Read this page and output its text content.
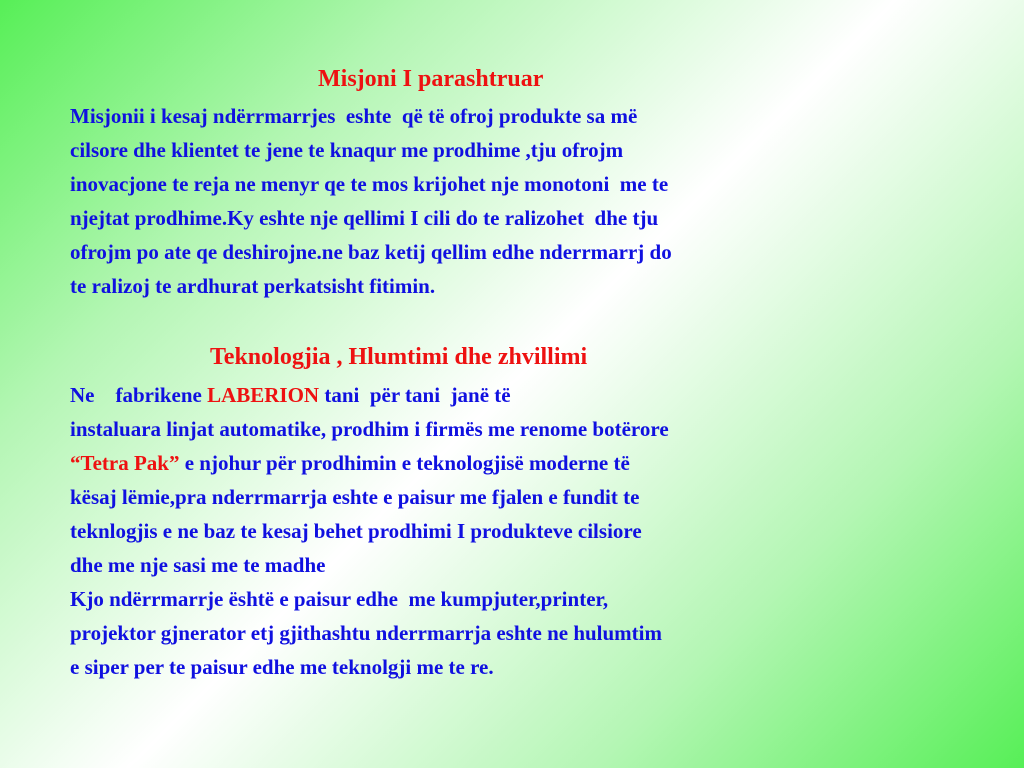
Misjoni I parashtruar
Misjonii i kesaj ndërrmarrjes  eshte  që të ofroj produkte sa më
cilsore dhe klientet te jene te knaqur me prodhime ,tju ofrojm
inovacjone te reja ne menyr qe te mos krijohet nje monotoni  me te
njejtat prodhime.Ky eshte nje qellimi I cili do te ralizohet  dhe tju
ofrojm po ate qe deshirojne.ne baz ketij qellim edhe nderrmarrj do
te ralizoj te ardhurat perkatsisht fitimin.
Teknologjia , Hlumtimi dhe zhvillimi
Ne    fabrikene LABERION tani  për tani  janë të
instaluara linjat automatike, prodhim i firmës me renome botërore
“Tetra Pak” e njohur për prodhimin e teknologjisë moderne të
kësaj lëmie,pra nderrmarrja eshte e paisur me fjalen e fundit te
teknlogjis e ne baz te kesaj behet prodhimi I produkteve cilsiore
dhe me nje sasi me te madhe
Kjo ndërrmarrje është e paisur edhe  me kumpjuter,printer,
projektor gjnerator etj gjithashtu nderrmarrja eshte ne hulumtim
e siper per te paisur edhe me teknolgji me te re.
